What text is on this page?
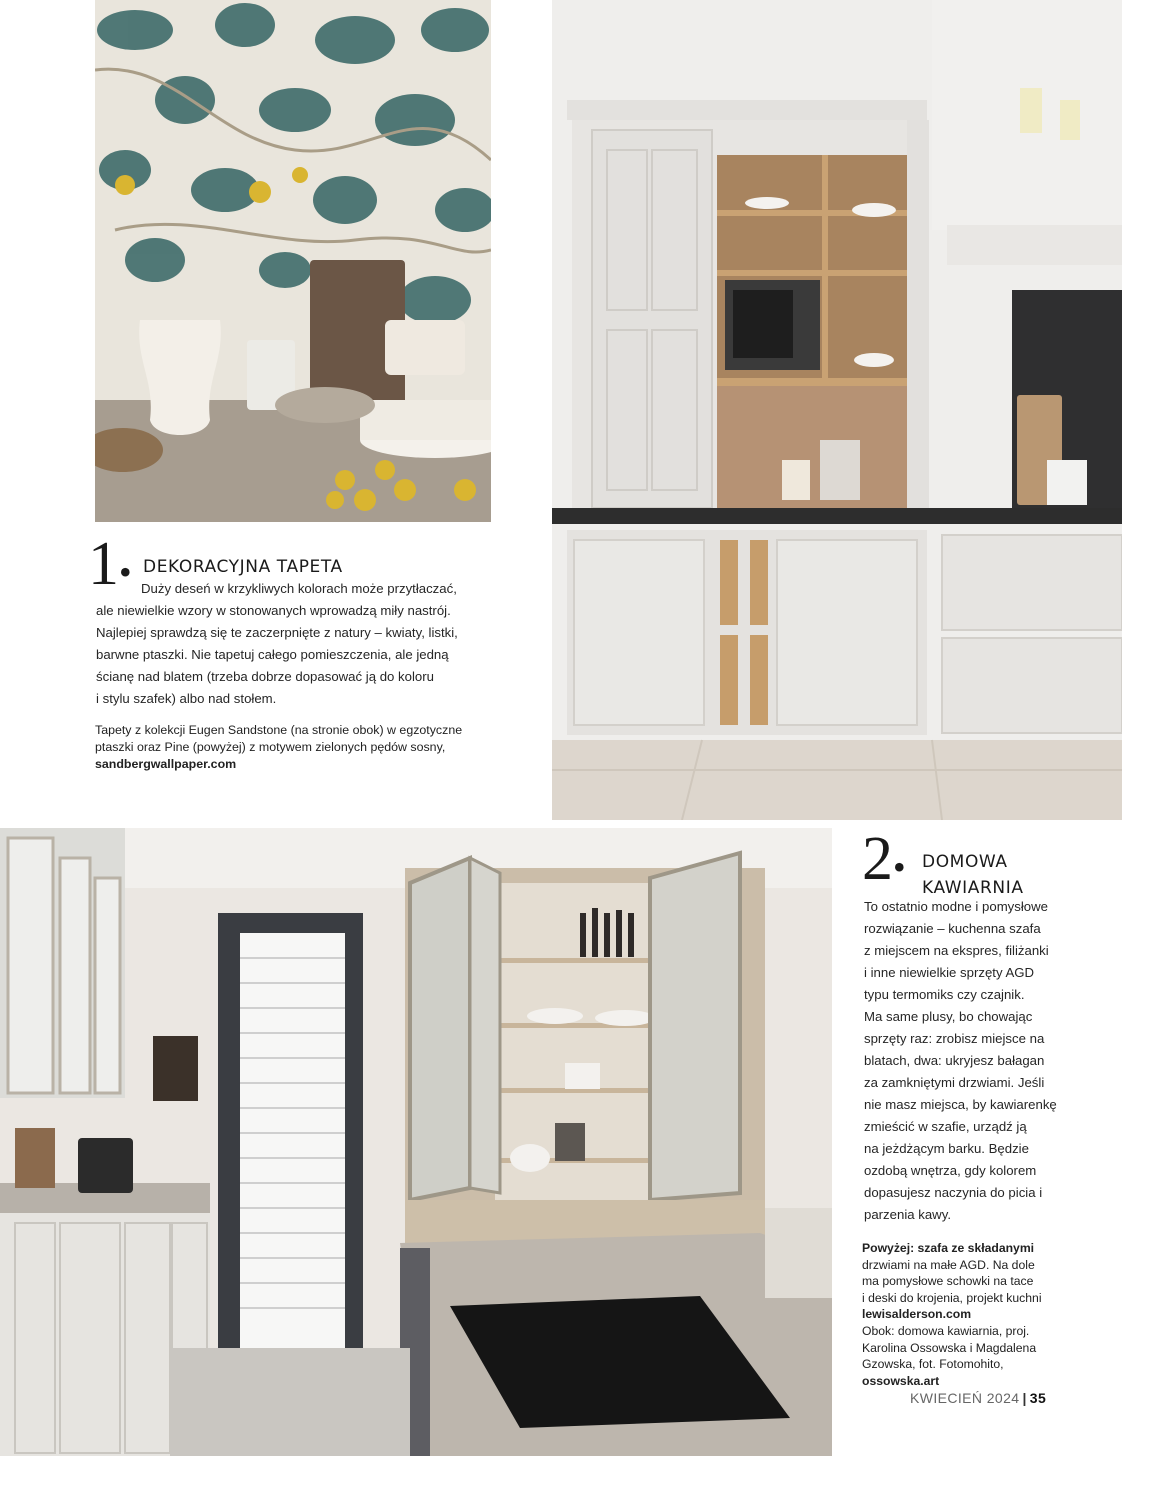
1• DEKORACYJNA TAPETA
Duży deseń w krzykliwych kolorach może przytłaczać,
ale niewielkie wzory w stonowanych wprowadzą miły nastrój.
Najlepiej sprawdzą się te zaczerpnięte z natury – kwiaty, listki,
barwne ptaszki. Nie tapetuj całego pomieszczenia, ale jedną
ścianę nad blatem (trzeba dobrze dopasować ją do koloru
i stylu szafek) albo nad stołem.
Tapety z kolekcji Eugen Sandstone (na stronie obok) w egzotyczne
ptaszki oraz Pine (powyżej) z motywem zielonych pędów sosny,
sandbergwallpaper.com
2• DOMOWA
KAWIARNIA
To ostatnio modne i pomysłowe
rozwiązanie – kuchenna szafa
z miejscem na ekspres, filiżanki
i inne niewielkie sprzęty AGD
typu termomiks czy czajnik.
Ma same plusy, bo chowając
sprzęty raz: zrobisz miejsce na
blatach, dwa: ukryjesz bałagan
za zamkniętymi drzwiami. Jeśli
nie masz miejsca, by kawiarenkę
zmieścić w szafie, urządź ją
na jeżdżącym barku. Będzie
ozdobą wnętrza, gdy kolorem
dopasujesz naczynia do picia i
parzenia kawy.
Powyżej: szafa ze składanymi
drzwiami na małe AGD. Na dole
ma pomysłowe schowki na tace
i deski do krojenia, projekt kuchni
lewisalderson.com
Obok: domowa kawiarnia, proj.
Karolina Ossowska i Magdalena
Gzowska, fot. Fotomohito,
ossowska.art
KWIECIEŃ 2024 | 35
